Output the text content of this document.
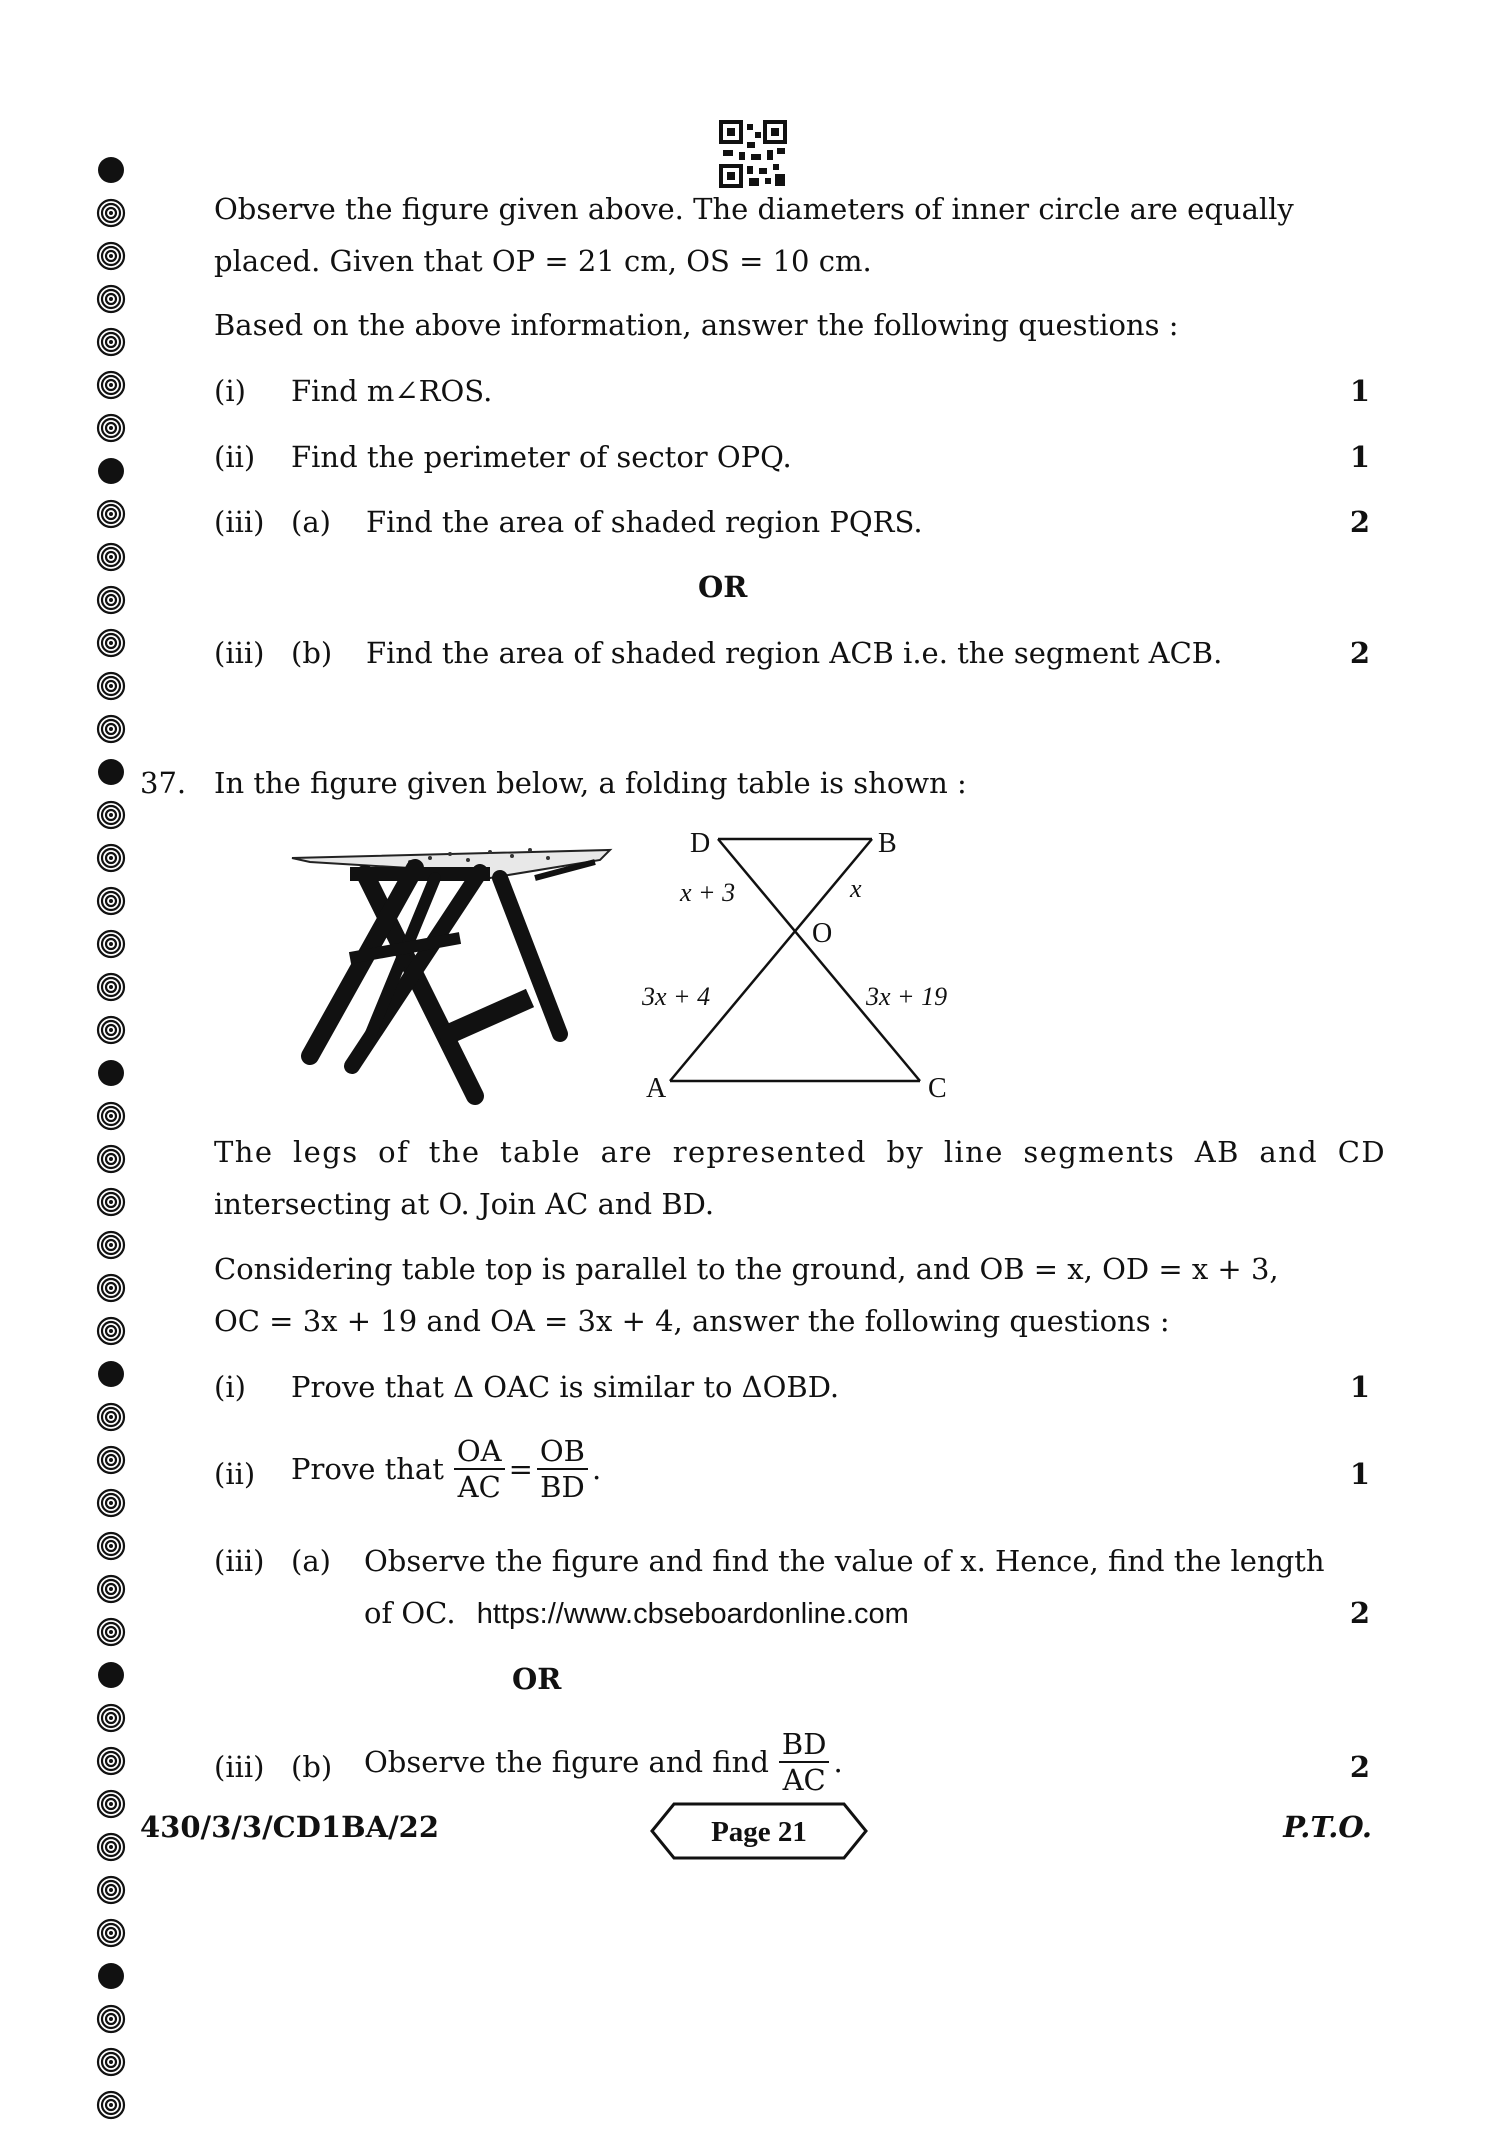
Observe the figure given above. The diameters of inner circle are equally
placed. Given that OP = 21 cm, OS = 10 cm.
Based on the above information, answer the following questions :
(i) Find m∠ROS.	1
(ii) Find the perimeter of sector OPQ.	1
(iii) (a) Find the area of shaded region PQRS.	2
OR
(iii) (b) Find the area of shaded region ACB i.e. the segment ACB.	2
37. In the figure given below, a folding table is shown :
D	B
O
A	C
x + 3	x
3x + 4	3x + 19
The legs of the table are represented by line segments AB and CD
intersecting at O. Join AC and BD.
Considering table top is parallel to the ground, and OB = x, OD = x + 3,
OC = 3x + 19 and OA = 3x + 4, answer the following questions :
(i) Prove that Δ OAC is similar to ΔOBD.	1
(ii) Prove that $\frac{OA}{AC} = \frac{OB}{BD}$ .	1
(iii) (a) Observe the figure and find the value of x. Hence, find the length
of OC. https://www.cbseboardonline.com	2
OR
(iii) (b) Observe the figure and find $\frac{BD}{AC}$ .	2
430/3/3/CD1BA/22	Page 21	P.T.O.
